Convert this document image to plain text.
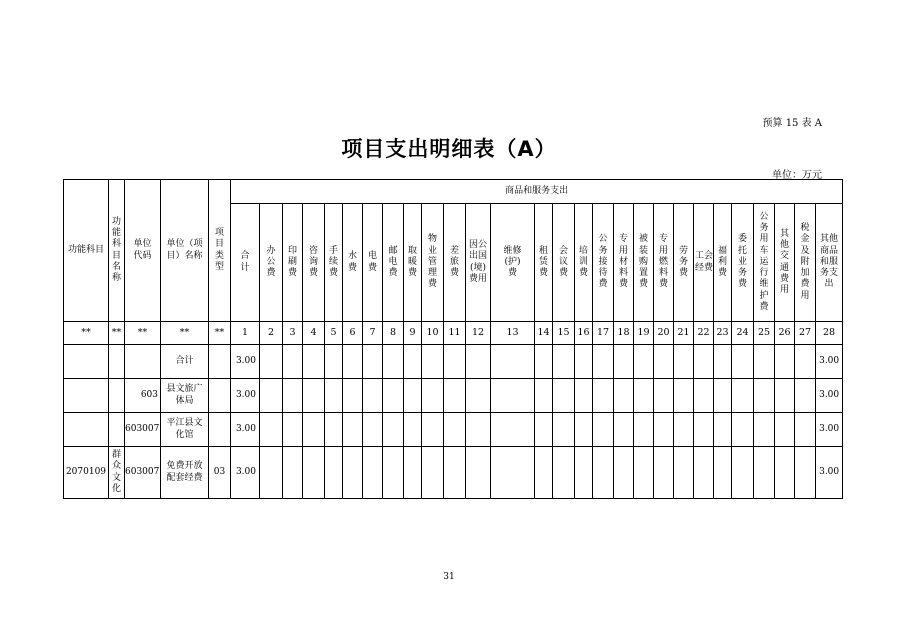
预算 15 表 A
项目支出明细表（A）
单位：万元
功能科目	功能科目名称	单位代码	单位（项目）名称	项目类型	商品和服务支出																											
					合计	办公费	印刷费	咨询费	手续费	水费	电费	邮电费	取暖费	物业管理费	差旅费	因公出国(境)费用	维修(护)费	租赁费	会议费	培训费	公务接待费	专用材料费	被装购置费	专用燃料费	劳务费	工会经费	福利费	委托业务费	公务用车运行维护费	其他交通费用	税金及附加费用	其他商品和服务支出
**	**	**	**	**	1	2	3	4	5	6	7	8	9	10	11	12	13	14	15	16	17	18	19	20	21	22	23	24	25	26	27	28
			合计		3.00																											3.00
		603	县文旅广体局		3.00																											3.00
		603007	平江县文化馆		3.00																											3.00
2070109	群众文化	603007	免费开放配套经费	03	3.00																											3.00
31
